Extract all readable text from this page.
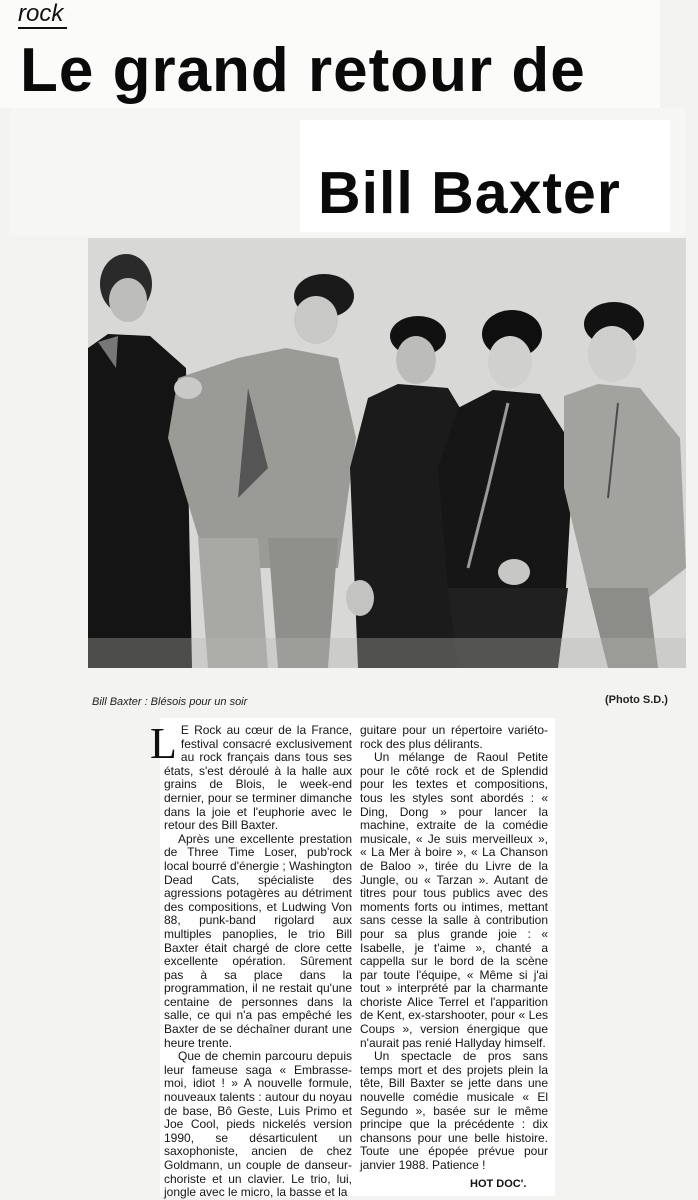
rock
Le grand retour de
Bill Baxter
Bill Baxter : Blésois pour un soir	(Photo S.D.)

L E Rock au cœur de la France, festival consacré exclusivement au rock français dans tous ses états, s'est déroulé à la halle aux grains de Blois, le week-end dernier, pour se terminer dimanche dans la joie et l'euphorie avec le retour des Bill Baxter.

Après une excellente prestation de Three Time Loser, pub'rock local bourré d'énergie ; Washington Dead Cats, spécialiste des agressions potagères au détriment des compositions, et Ludwing Von 88, punk-band rigolard aux multiples panoplies, le trio Bill Baxter était chargé de clore cette excellente opération. Sûrement pas à sa place dans la programmation, il ne restait qu'une centaine de personnes dans la salle, ce qui n'a pas empêché les Baxter de se déchaîner durant une heure trente.

Que de chemin parcouru depuis leur fameuse saga « Embrasse-moi, idiot ! » A nouvelle formule, nouveaux talents : autour du noyau de base, Bô Geste, Luis Primo et Joe Cool, pieds nickelés version 1990, se désarticulent un saxophoniste, ancien de chez Goldmann, un couple de danseur-choriste et un clavier. Le trio, lui, jongle avec le micro, la basse et la

guitare pour un répertoire variéto-rock des plus délirants.

Un mélange de Raoul Petite pour le côté rock et de Splendid pour les textes et compositions, tous les styles sont abordés : « Ding, Dong » pour lancer la machine, extraite de la comédie musicale, « Je suis merveilleux », « La Mer à boire », « La Chanson de Baloo », tirée du Livre de la Jungle, ou « Tarzan ». Autant de titres pour tous publics avec des moments forts ou intimes, mettant sans cesse la salle à contribution pour sa plus grande joie : « Isabelle, je t'aime », chanté a cappella sur le bord de la scène par toute l'équipe, « Même si j'ai tout » interprété par la charmante choriste Alice Terrel et l'apparition de Kent, ex-starshooter, pour « Les Coups », version énergique que n'aurait pas renié Hallyday himself.

Un spectacle de pros sans temps mort et des projets plein la tête, Bill Baxter se jette dans une nouvelle comédie musicale « El Segundo », basée sur le même principe que la précédente : dix chansons pour une belle histoire. Toute une épopée prévue pour janvier 1988. Patience !

HOT DOC'.
